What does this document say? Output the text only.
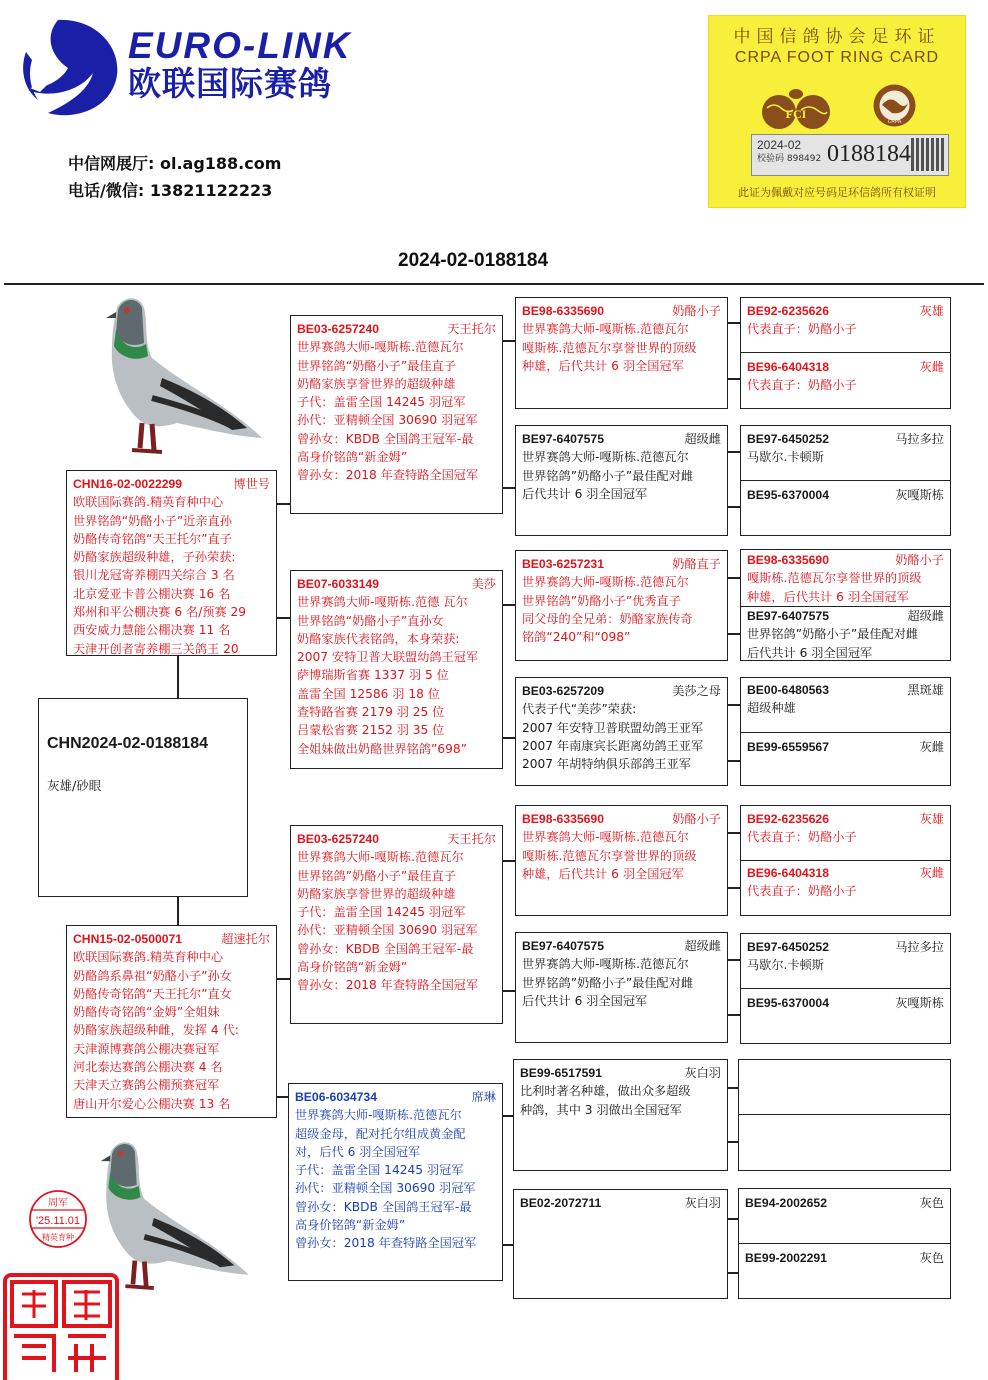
EURO-LINK
欧联国际赛鸽
中信网展厅: ol.ag188.com
电话/微信: 13821122223
中国信鸽协会足环证
CRPA FOOT RING CARD
FCI
CRPA
2024-02
校验码 898492 0188184
此证为佩戴对应号码足环信鸽所有权证明
2024-02-0188184
CHN2024-02-0188184
灰雄/砂眼
CHN16-02-0022299	博世号
欧联国际赛鸽.精英育种中心
世界铭鸽“奶酪小子”近亲直孙
奶酪传奇铭鸽“天王托尔”直子
奶酪家族超级种雄，子孙荣获:
银川龙冠寄养棚四关综合 3 名
北京爱亚卡普公棚决赛 16 名
郑州和平公棚决赛 6 名/预赛 29
西安威力慧能公棚决赛 11 名
天津开创者寄养棚三关鸽王 20
CHN15-02-0500071	超速托尔
欧联国际赛鸽.精英育种中心
奶酪鸽系鼻祖“奶酪小子”孙女
奶酪传奇铭鸽“天王托尔”直女
奶酪传奇铭鸽“金姆”全姐妹
奶酪家族超级种雌，发挥 4 代:
天津源博赛鸽公棚决赛冠军
河北泰达赛鸽公棚决赛 4 名
天津天立赛鸽公棚预赛冠军
唐山开尔爱心公棚决赛 13 名
BE03-6257240	天王托尔
世界赛鸽大师-嘎斯栋.范德瓦尔
世界铭鸽“奶酪小子”最佳直子
奶酪家族享誉世界的超级种雄
子代：盖雷全国 14245 羽冠军
孙代：亚精顿全国 30690 羽冠军
曾孙女：KBDB 全国鸽王冠军-最
高身价铭鸽“新金姆”
曾孙女：2018 年查特路全国冠军
BE07-6033149	美莎
世界赛鸽大师-嘎斯栋.范德 瓦尔
世界铭鸽“奶酪小子”直孙女
奶酪家族代表铭鸽，本身荣获:
2007 安特卫普大联盟幼鸽王冠军
萨博瑞斯省赛 1337 羽 5 位
盖雷全国 12586 羽 18 位
查特路省赛 2179 羽 25 位
吕蒙松省赛 2152 羽 35 位
全姐妹做出奶酪世界铭鸽”698”
BE03-6257240	天王托尔
世界赛鸽大师-嘎斯栋.范德瓦尔
世界铭鸽”奶酪小子”最佳直子
奶酪家族享誉世界的超级种雄
子代：盖雷全国 14245 羽冠军
孙代：亚精顿全国 30690 羽冠军
曾孙女：KBDB 全国鸽王冠军-最
高身价铭鸽“新金姆”
曾孙女：2018 年查特路全国冠军
BE06-6034734	席琳
世界赛鸽大师-嘎斯栋.范德瓦尔
超级金母，配对托尔组成黄金配
对，后代 6 羽全国冠军
子代：盖雷全国 14245 羽冠军
孙代：亚精顿全国 30690 羽冠军
曾孙女：KBDB 全国鸽王冠军-最
高身价铭鸽“新金姆”
曾孙女：2018 年查特路全国冠军
BE98-6335690	奶酪小子
世界赛鸽大师-嘎斯栋.范德瓦尔
嘎斯栋.范德瓦尔享誉世界的顶级
种雄，后代共计 6 羽全国冠军
BE97-6407575	超级雌
世界赛鸽大师-嘎斯栋.范德瓦尔
世界铭鸽”奶酪小子”最佳配对雌
后代共计 6 羽全国冠军
BE03-6257231	奶酪直子
世界赛鸽大师-嘎斯栋.范德瓦尔
世界铭鸽”奶酪小子”优秀直子
同父母的全兄弟：奶酪家族传奇
铭鸽“240”和“098”
BE03-6257209	美莎之母
代表子代“美莎”荣获:
2007 年安特卫普联盟幼鸽王亚军
2007 年南康宾长距离幼鸽王亚军
2007 年胡特纳俱乐部鸽王亚军
BE98-6335690	奶酪小子
世界赛鸽大师-嘎斯栋.范德瓦尔
嘎斯栋.范德瓦尔享誉世界的顶级
种雄，后代共计 6 羽全国冠军
BE97-6407575	超级雌
世界赛鸽大师-嘎斯栋.范德瓦尔
世界铭鸽”奶酪小子”最佳配对雌
后代共计 6 羽全国冠军
BE99-6517591	灰白羽
比利时著名种雄，做出众多超级
种鸽，其中 3 羽做出全国冠军
BE02-2072711	灰白羽
BE92-6235626	灰雄
代表直子：奶酪小子
BE96-6404318	灰雌
代表直子：奶酪小子
BE97-6450252	马拉多拉
马歇尔.卡顿斯
BE95-6370004	灰嘎斯栋
BE98-6335690	奶酪小子
嘎斯栋.范德瓦尔享誉世界的顶级
种雄，后代共计 6 羽全国冠军
BE97-6407575	超级雌
世界铭鸽”奶酪小子”最佳配对雌
后代共计 6 羽全国冠军
BE00-6480563	黑斑雄
超级种雄
BE99-6559567	灰雌
BE92-6235626	灰雄
代表直子：奶酪小子
BE96-6404318	灰雌
代表直子：奶酪小子
BE97-6450252	马拉多拉
马歇尔.卡顿斯
BE95-6370004	灰嘎斯栋
BE94-2002652	灰色
BE99-2002291	灰色
周军
'25.11.01
精英育种
